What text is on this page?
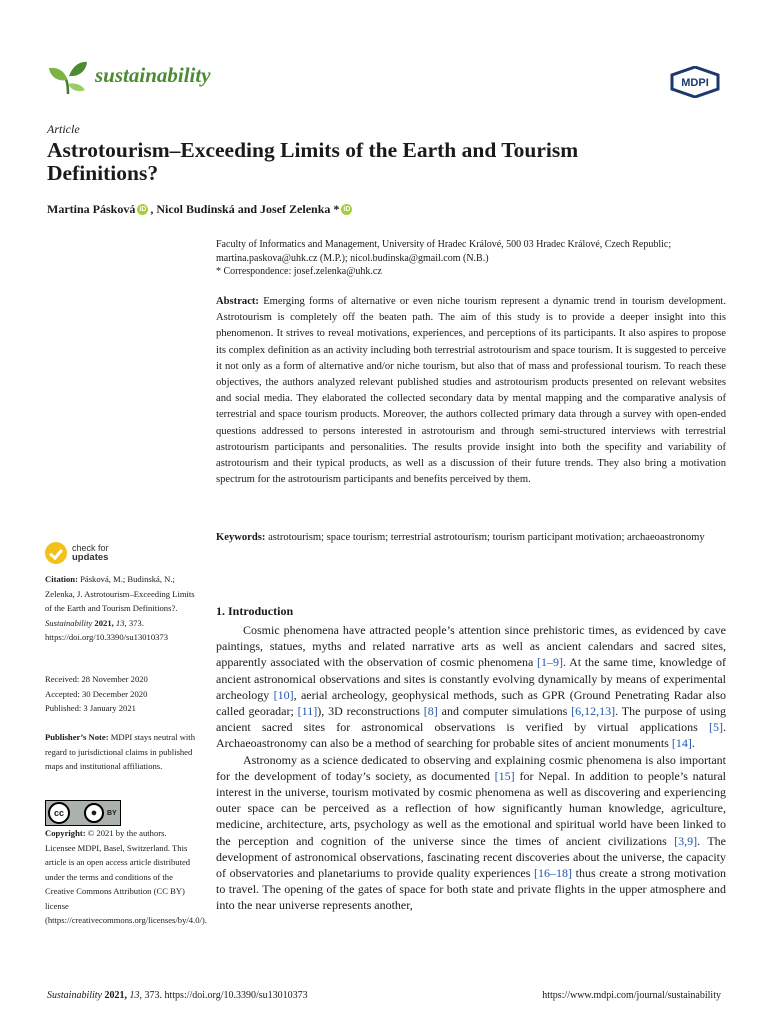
sustainability	MDPI
Article
Astrotourism–Exceeding Limits of the Earth and Tourism Definitions?
Martina Pásková iD , Nicol Budinská and Josef Zelenka * iD
Faculty of Informatics and Management, University of Hradec Králové, 500 03 Hradec Králové, Czech Republic;
martina.paskova@uhk.cz (M.P.); nicol.budinska@gmail.com (N.B.)
* Correspondence: josef.zelenka@uhk.cz
Abstract: Emerging forms of alternative or even niche tourism represent a dynamic trend in tourism development. Astrotourism is completely off the beaten path. The aim of this study is to provide a deeper insight into this phenomenon. It strives to reveal motivations, experiences, and perceptions of its participants. It also aspires to propose its complex definition as an activity including both terrestrial astrotourism and space tourism. It is suggested to perceive it not only as a form of alternative and/or niche tourism, but also that of mass and professional tourism. To reach these objectives, the authors analyzed relevant published studies and astrotourism products presented on relevant websites and social media. They elaborated the collected secondary data by mental mapping and the comparative analysis of terrestrial and space tourism products. Moreover, the authors collected primary data through a survey with open-ended questions addressed to persons interested in astrotourism and through semi-structured interviews with terrestrial astrotourism participants and personalities. The results provide insight into both the specifity and variability of astrotourism and their typical products, as well as a discussion of their future trends. They also bring a motivation spectrum for the astrotourism participants and benefits perceived by them.
Keywords: astrotourism; space tourism; terrestrial astrotourism; tourism participant motivation; archaeoastronomy
check for
updates
Citation: Pásková, M.; Budinská, N.; Zelenka, J. Astrotourism–Exceeding Limits of the Earth and Tourism Definitions?. Sustainability 2021, 13, 373. https://doi.org/10.3390/su13010373
Received: 28 November 2020
Accepted: 30 December 2020
Published: 3 January 2021
Publisher’s Note: MDPI stays neutral with regard to jurisdictional claims in published maps and institutional affiliations.
cc	●	BY
Copyright: © 2021 by the authors. Licensee MDPI, Basel, Switzerland. This article is an open access article distributed under the terms and conditions of the Creative Commons Attribution (CC BY) license (https://creativecommons.org/licenses/by/4.0/).
1. Introduction

Cosmic phenomena have attracted people’s attention since prehistoric times, as evidenced by cave paintings, statues, myths and related narrative arts as well as ancient calendars and sacred sites, apparently associated with the observation of cosmic phenomena [1–9]. At the same time, knowledge of ancient astronomical observations and sites is constantly evolving dynamically by means of experimental archeology [10], aerial archeology, geophysical methods, such as GPR (Ground Penetrating Radar also called georadar; [11]), 3D reconstructions [8] and computer simulations [6,12,13]. The purpose of using ancient sacred sites for astronomical observations is verified by virtual applications [5]. Archaeoastronomy can also be a method of searching for probable sites of ancient monuments [14].

Astronomy as a science dedicated to observing and explaining cosmic phenomena is also important for the development of today’s society, as documented [15] for Nepal. In addition to people’s natural interest in the universe, tourism motivated by cosmic phenomena as well as discovering and experiencing outer space can be perceived as a reflection of how significantly human knowledge, agriculture, medicine, architecture, arts, psychology as well as the emotional and spiritual world have been linked to the perception and cognition of the universe since the times of ancient civilizations [3,9]. The development of astronomical observations, fascinating recent discoveries about the universe, the capacity of observatories and planetariums to provide quality experiences [16–18] thus create a strong motivation to travel. The opening of the gates of space for both state and private flights in the upper atmosphere and into the near universe represents another,

Sustainability 2021, 13, 373. https://doi.org/10.3390/su13010373	https://www.mdpi.com/journal/sustainability
